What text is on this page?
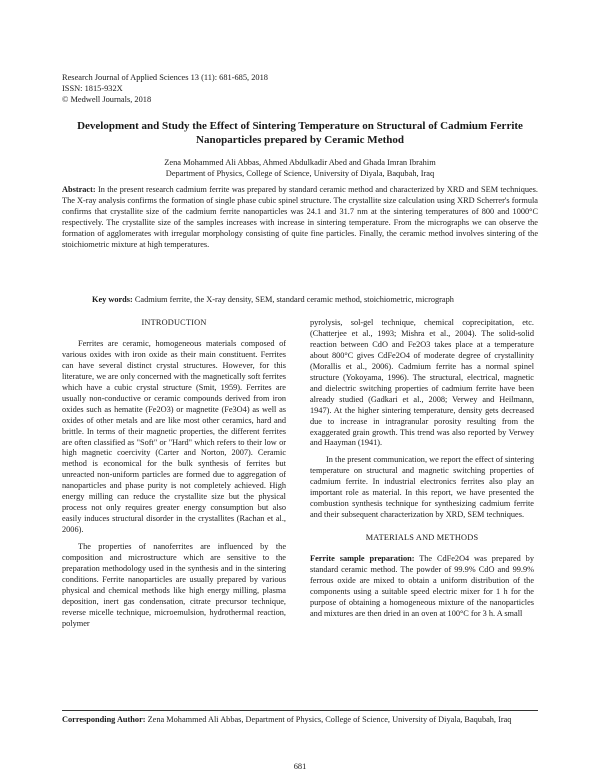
Research Journal of Applied Sciences 13 (11): 681-685, 2018
ISSN: 1815-932X
© Medwell Journals, 2018
Development and Study the Effect of Sintering Temperature on Structural of Cadmium Ferrite Nanoparticles prepared by Ceramic Method
Zena Mohammed Ali Abbas, Ahmed Abdulkadir Abed and Ghada Imran Ibrahim
Department of Physics, College of Science, University of Diyala, Baqubah, Iraq
Abstract: In the present research cadmium ferrite was prepared by standard ceramic method and characterized by XRD and SEM techniques. The X-ray analysis confirms the formation of single phase cubic spinel structure. The crystallite size calculation using XRD Scherrer's formula confirms that crystallite size of the cadmium ferrite nanoparticles was 24.1 and 31.7 nm at the sintering temperatures of 800 and 1000°C respectively. The crystallite size of the samples increases with increase in sintering temperature. From the micrographs we can observe the formation of agglomerates with irregular morphology consisting of quite fine particles. Finally, the ceramic method involves sintering of the stoichiometric mixture at high temperatures.
Key words: Cadmium ferrite, the X-ray density, SEM, standard ceramic method, stoichiometric, micrograph
INTRODUCTION

Ferrites are ceramic, homogeneous materials composed of various oxides with iron oxide as their main constituent. Ferrites can have several distinct crystal structures. However, for this literature, we are only concerned with the magnetically soft ferrites which have a cubic crystal structure (Smit, 1959). Ferrites are usually non-conductive or ceramic compounds derived from iron oxides such as hematite (Fe2O3) or magnetite (Fe3O4) as well as oxides of other metals and are like most other ceramics, hard and brittle. In terms of their magnetic properties, the different ferrites are often classified as "Soft" or "Hard" which refers to their low or high magnetic coercivity (Carter and Norton, 2007). Ceramic method is economical for the bulk synthesis of ferrites but unreacted non-uniform particles are formed due to aggregation of nanoparticles and phase purity is not completely achieved. High energy milling can reduce the crystallite size but the physical process not only requires greater energy consumption but also easily induces structural disorder in the crystallites (Rachan et al., 2006).

The properties of nanoferrites are influenced by the composition and microstructure which are sensitive to the preparation methodology used in the synthesis and in the sintering conditions. Ferrite nanoparticles are usually prepared by various physical and chemical methods like high energy milling, plasma deposition, inert gas condensation, citrate precursor technique, reverse micelle technique, microemulsion, hydrothermal reaction, polymer

pyrolysis, sol-gel technique, chemical coprecipitation, etc. (Chatterjee et al., 1993; Mishra et al., 2004). The solid-solid reaction between CdO and Fe2O3 takes place at a temperature about 800°C gives CdFe2O4 of moderate degree of crystallinity (Morallis et al., 2006). Cadmium ferrite has a normal spinel structure (Yokoyama, 1996). The structural, electrical, magnetic and dielectric switching properties of cadmium ferrite have been already studied (Gadkari et al., 2008; Verwey and Heilmann, 1947). At the higher sintering temperature, density gets decreased due to increase in intragranular porosity resulting from the exaggerated grain growth. This trend was also reported by Verwey and Haayman (1941).

In the present communication, we report the effect of sintering temperature on structural and magnetic switching properties of cadmium ferrite. In industrial electronics ferrites also play an important role as material. In this report, we have presented the combustion synthesis technique for synthesizing cadmium ferrite and their subsequent characterization by XRD, SEM techniques.

MATERIALS AND METHODS

Ferrite sample preparation: The CdFe2O4 was prepared by standard ceramic method. The powder of 99.9% CdO and 99.9% ferrous oxide are mixed to obtain a uniform distribution of the components using a suitable speed electric mixer for 1 h for the purpose of obtaining a homogeneous mixture of the nanoparticles and mixtures are then dried in an oven at 100°C for 3 h. A small

Corresponding Author: Zena Mohammed Ali Abbas, Department of Physics, College of Science, University of Diyala, Baqubah, Iraq
681
